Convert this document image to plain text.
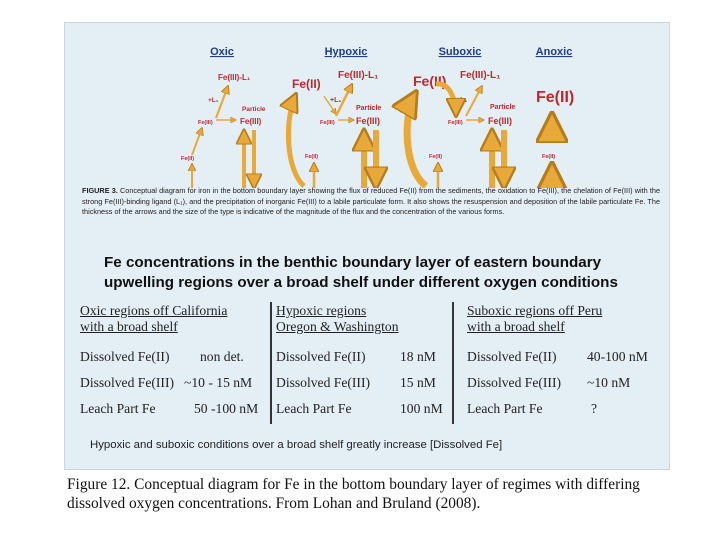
Oxic	Hypoxic	Suboxic	Anoxic
Fe(III)-L₁
+L₁
Particle
Fe(III)	Fe(III)
Fe(II)
Fe(II)
Fe(III)-L₁
+L₁
Particle
Fe(III) Fe(III)
Fe(II)
Fe(II) Fe(III)-L₁
+L₁
Particle
Fe(III)	Fe(III)
Fe(II)
Fe(II)
Fe(II)
FIGURE 3. Conceptual diagram for iron in the bottom boundary layer showing the flux of reduced Fe(II) from the sediments, the oxidation to Fe(III), the chelation of Fe(III) with the strong Fe(III)-binding ligand (L₁), and the precipitation of inorganic Fe(III) to a labile particulate form. It also shows the resuspension and deposition of the labile particulate Fe. The thickness of the arrows and the size of the type is indicative of the magnitude of the flux and the concentration of the various forms.
Fe concentrations in the benthic boundary layer of eastern boundary
upwelling regions over a broad shelf under different oxygen conditions
Oxic regions off California
with a broad shelf
Dissolved Fe(II) non det.
Dissolved Fe(III) ~10 - 15 nM
Leach Part Fe	50 -100 nM
Hypoxic regions
Oregon & Washington
Dissolved Fe(II)	18 nM
Dissolved Fe(III) 15 nM
Leach Part Fe	100 nM
Suboxic regions off Peru
with a broad shelf
Dissolved Fe(II) 40-100 nM
Dissolved Fe(III) ~10 nM
Leach Part Fe	?
Hypoxic and suboxic conditions over a broad shelf greatly increase [Dissolved Fe]
Figure 12. Conceptual diagram for Fe in the bottom boundary layer of regimes with differing dissolved oxygen concentrations. From Lohan and Bruland (2008).
